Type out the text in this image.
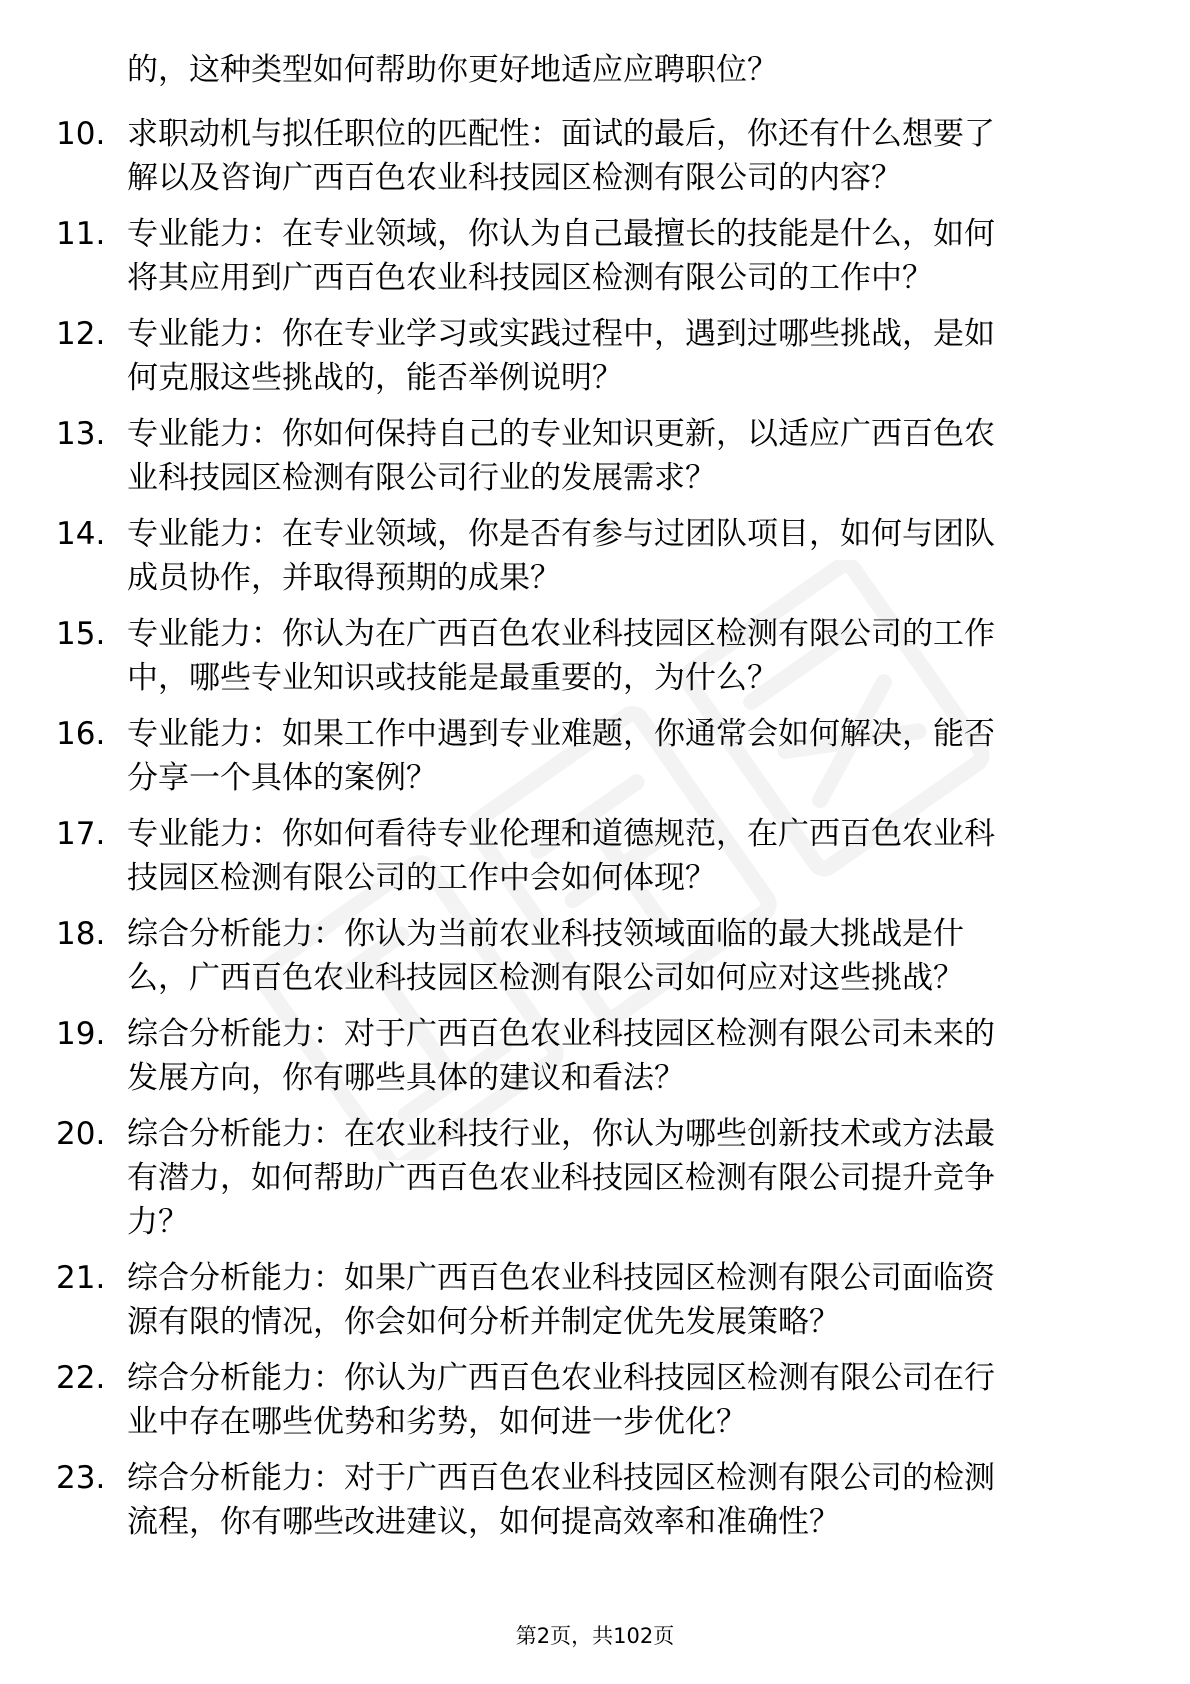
的，这种类型如何帮助你更好地适应应聘职位？
10. 求职动机与拟任职位的匹配性：面试的最后，你还有什么想要了
解以及咨询广西百色农业科技园区检测有限公司的内容？
11. 专业能力：在专业领域，你认为自己最擅长的技能是什么，如何
将其应用到广西百色农业科技园区检测有限公司的工作中？
12. 专业能力：你在专业学习或实践过程中，遇到过哪些挑战，是如
何克服这些挑战的，能否举例说明？
13. 专业能力：你如何保持自己的专业知识更新，以适应广西百色农
业科技园区检测有限公司行业的发展需求？
14. 专业能力：在专业领域，你是否有参与过团队项目，如何与团队
成员协作，并取得预期的成果？
15. 专业能力：你认为在广西百色农业科技园区检测有限公司的工作
中，哪些专业知识或技能是最重要的，为什么？
16. 专业能力：如果工作中遇到专业难题，你通常会如何解决，能否
分享一个具体的案例？
17. 专业能力：你如何看待专业伦理和道德规范，在广西百色农业科
技园区检测有限公司的工作中会如何体现？
18. 综合分析能力：你认为当前农业科技领域面临的最大挑战是什
么，广西百色农业科技园区检测有限公司如何应对这些挑战？
19. 综合分析能力：对于广西百色农业科技园区检测有限公司未来的
发展方向，你有哪些具体的建议和看法？
20. 综合分析能力：在农业科技行业，你认为哪些创新技术或方法最
有潜力，如何帮助广西百色农业科技园区检测有限公司提升竞争
力？
21. 综合分析能力：如果广西百色农业科技园区检测有限公司面临资
源有限的情况，你会如何分析并制定优先发展策略？
22. 综合分析能力：你认为广西百色农业科技园区检测有限公司在行
业中存在哪些优势和劣势，如何进一步优化？
23. 综合分析能力：对于广西百色农业科技园区检测有限公司的检测
流程，你有哪些改进建议，如何提高效率和准确性？
第2页，共102页
